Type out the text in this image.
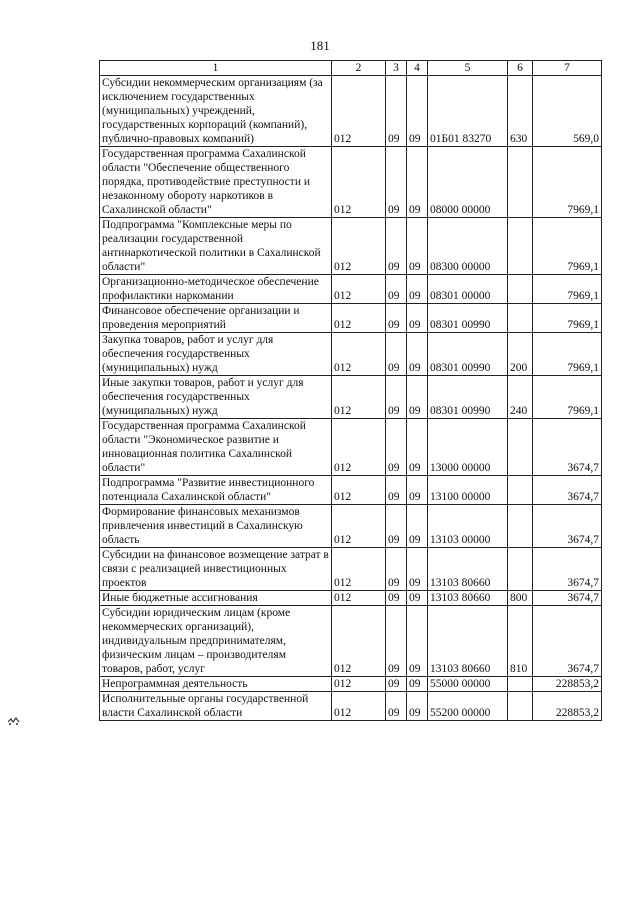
181
1	2	3	4	5	6	7
Субсидии некоммерческим организациям (за исключением государственных (муниципальных) учреждений, государственных корпораций (компаний), публично-правовых компаний)	012	09	09	01Б01 83270	630	569,0
Государственная программа Сахалинской области "Обеспечение общественного порядка, противодействие преступности и незаконному обороту наркотиков в Сахалинской области"	012	09	09	08000 00000		7969,1
Подпрограмма "Комплексные меры по реализации государственной антинаркотической политики в Сахалинской области"	012	09	09	08300 00000		7969,1
Организационно-методическое обеспечение профилактики наркомании	012	09	09	08301 00000		7969,1
Финансовое обеспечение организации и проведения мероприятий	012	09	09	08301 00990		7969,1
Закупка товаров, работ и услуг для обеспечения государственных (муниципальных) нужд	012	09	09	08301 00990	200	7969,1
Иные закупки товаров, работ и услуг для обеспечения государственных (муниципальных) нужд	012	09	09	08301 00990	240	7969,1
Государственная программа Сахалинской области "Экономическое развитие и инновационная политика Сахалинской области"	012	09	09	13000 00000		3674,7
Подпрограмма "Развитие инвестиционного потенциала Сахалинской области"	012	09	09	13100 00000		3674,7
Формирование финансовых механизмов привлечения инвестиций в Сахалинскую область	012	09	09	13103 00000		3674,7
Субсидии на финансовое возмещение затрат в связи с реализацией инвестиционных проектов	012	09	09	13103 80660		3674,7
Иные бюджетные ассигнования	012	09	09	13103 80660	800	3674,7
Субсидии юридическим лицам (кроме некоммерческих организаций), индивидуальным предпринимателям, физическим лицам – производителям товаров, работ, услуг	012	09	09	13103 80660	810	3674,7
Непрограммная деятельность	012	09	09	55000 00000		228853,2
Исполнительные органы государственной власти Сахалинской области	012	09	09	55200 00000		228853,2
